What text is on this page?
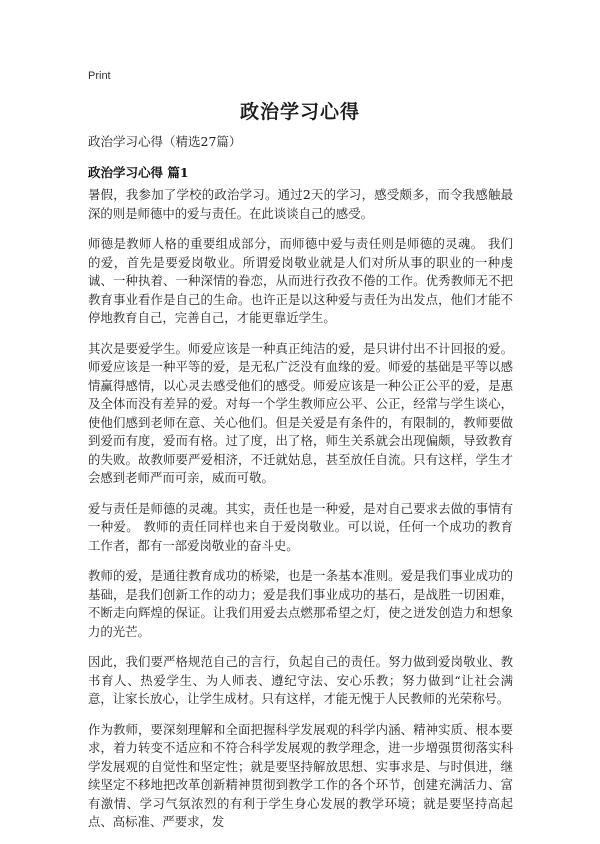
Print
政治学习心得
政治学习心得（精选27篇）
政治学习心得 篇1

暑假，我参加了学校的政治学习。通过2天的学习，感受颇多，而令我感触最深的则是师德中的爱与责任。在此谈谈自己的感受。

师德是教师人格的重要组成部分，而师德中爱与责任则是师德的灵魂。 我们的爱，首先是要爱岗敬业。所谓爱岗敬业就是人们对所从事的职业的一种虔诚、一种执着、一种深情的眷恋，从而进行孜孜不倦的工作。优秀教师无不把教育事业看作是自己的生命。也许正是以这种爱与责任为出发点，他们才能不停地教育自己，完善自己，才能更靠近学生。

其次是要爱学生。师爱应该是一种真正纯洁的爱，是只讲付出不计回报的爱。师爱应该是一种平等的爱，是无私广泛没有血缘的爱。师爱的基础是平等以感情赢得感情，以心灵去感受他们的感受。师爱应该是一种公正公平的爱，是惠及全体而没有差异的爱。对每一个学生教师应公平、公正，经常与学生谈心，使他们感到老师在意、关心他们。但是关爱是有条件的，有限制的，教师要做到爱而有度，爱而有格。过了度，出了格，师生关系就会出现偏颇，导致教育的失败。故教师要严爱相济，不迁就姑息，甚至放任自流。只有这样，学生才会感到老师严而可亲，威而可敬。

爱与责任是师德的灵魂。其实，责任也是一种爱，是对自己要求去做的事情有一种爱。 教师的责任同样也来自于爱岗敬业。可以说，任何一个成功的教育工作者，都有一部爱岗敬业的奋斗史。

教师的爱，是通往教育成功的桥梁，也是一条基本准则。爱是我们事业成功的基础，是我们创新工作的动力；爱是我们事业成功的基石，是战胜一切困难，不断走向辉煌的保证。让我们用爱去点燃那希望之灯，使之迸发创造力和想象力的光芒。

因此，我们要严格规范自己的言行，负起自己的责任。努力做到爱岗敬业、教书育人、热爱学生、为人师表、遵纪守法、安心乐教；努力做到“让社会满意，让家长放心，让学生成材。只有这样，才能无愧于人民教师的光荣称号。

作为教师，要深刻理解和全面把握科学发展观的科学内涵、精神实质、根本要求，着力转变不适应和不符合科学发展观的教学理念，进一步增强贯彻落实科学发展观的自觉性和坚定性；就是要坚持解放思想、实事求是、与时俱进，继续坚定不移地把改革创新精神贯彻到教学工作的各个环节，创建充满活力、富有激情、学习气氛浓烈的有利于学生身心发展的教学环境；就是要坚持高起点、高标准、严要求，发
